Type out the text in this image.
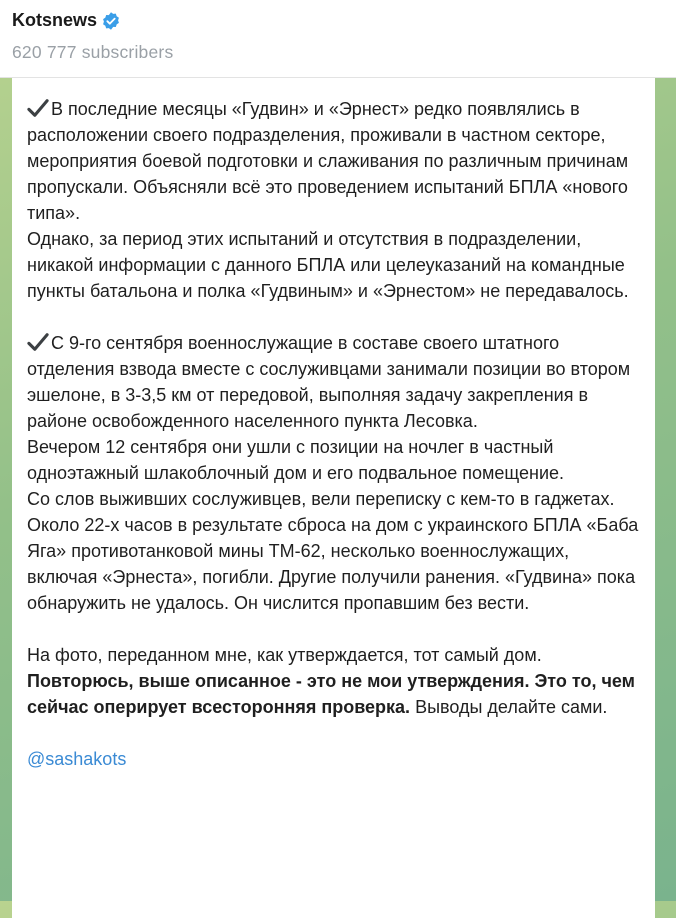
Kotsnews
620 777 subscribers

В последние месяцы «Гудвин» и «Эрнест» редко появлялись в расположении своего подразделения, проживали в частном секторе, мероприятия боевой подготовки и слаживания по различным причинам пропускали. Объясняли всё это проведением испытаний БПЛА «нового типа».

Однако, за период этих испытаний и отсутствия в подразделении, никакой информации с данного БПЛА или целеуказаний на командные пункты батальона и полка «Гудвиным» и «Эрнестом» не передавалось.

С 9-го сентября военнослужащие в составе своего штатного отделения взвода вместе с сослуживцами занимали позиции во втором эшелоне, в 3-3,5 км от передовой, выполняя задачу закрепления в районе освобожденного населенного пункта Лесовка.

Вечером 12 сентября они ушли с позиции на ночлег в частный одноэтажный шлакоблочный дом и его подвальное помещение.

Со слов выживших сослуживцев, вели переписку с кем-то в гаджетах.

Около 22-х часов в результате сброса на дом с украинского БПЛА «Баба Яга» противотанковой мины ТМ-62, несколько военнослужащих, включая «Эрнеста», погибли. Другие получили ранения. «Гудвина» пока обнаружить не удалось. Он числится пропавшим без вести.

На фото, переданном мне, как утверждается, тот самый дом.

Повторюсь, выше описанное - это не мои утверждения. Это то, чем сейчас оперирует всесторонняя проверка. Выводы делайте сами.

@sashakots
